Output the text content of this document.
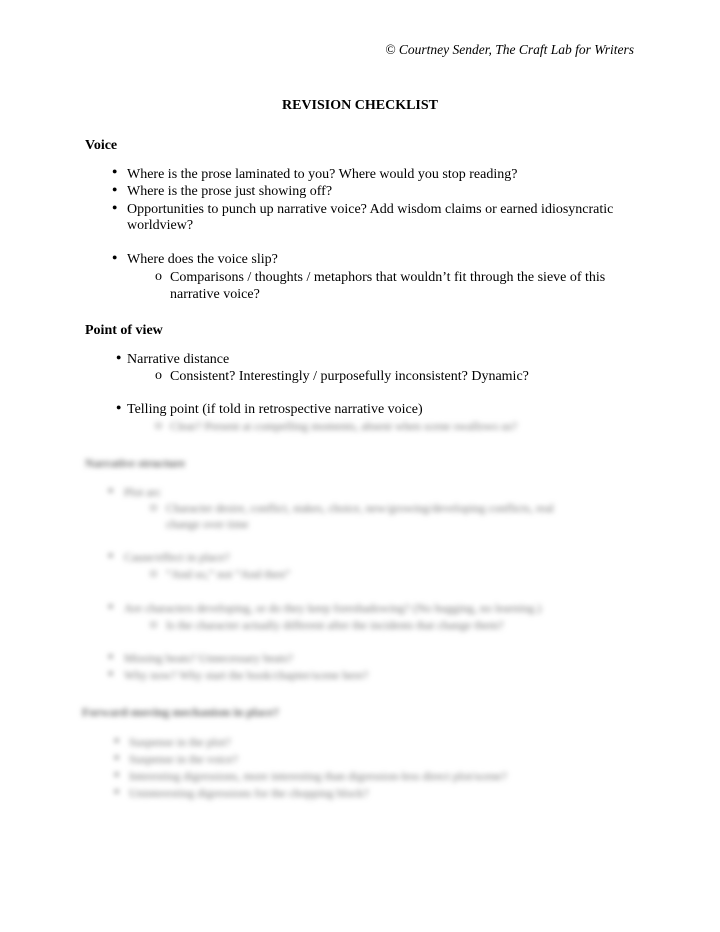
© Courtney Sender, The Craft Lab for Writers
REVISION CHECKLIST
Voice
● Where is the prose laminated to you? Where would you stop reading?
● Where is the prose just showing off?
● Opportunities to punch up narrative voice? Add wisdom claims or earned idiosyncratic
worldview?
● Where does the voice slip?
o Comparisons / thoughts / metaphors that wouldn’t fit through the sieve of this
narrative voice?
Point of view
● Narrative distance
o Consistent? Interestingly / purposefully inconsistent? Dynamic?
● Telling point (if told in retrospective narrative voice)
o Clear? Present at compelling moments, absent when scene swallows us?
Narrative structure
● Plot arc
o Character desire, conflict, stakes, choice, new/growing/developing conflicts, real
change over time
● Cause/effect in place?
o “And so,” not “And then”
● Are characters developing, or do they keep foreshadowing? (No hugging, no learning.)
o Is the character actually different after the incidents that change them?
● Missing beats? Unnecessary beats?
● Why now? Why start the book/chapter/scene here?
Forward-moving mechanism in place?
● Suspense in the plot?
● Suspense in the voice?
● Interesting digressions, more interesting than digression-less direct plot/scene?
● Uninteresting digressions for the chopping block?
